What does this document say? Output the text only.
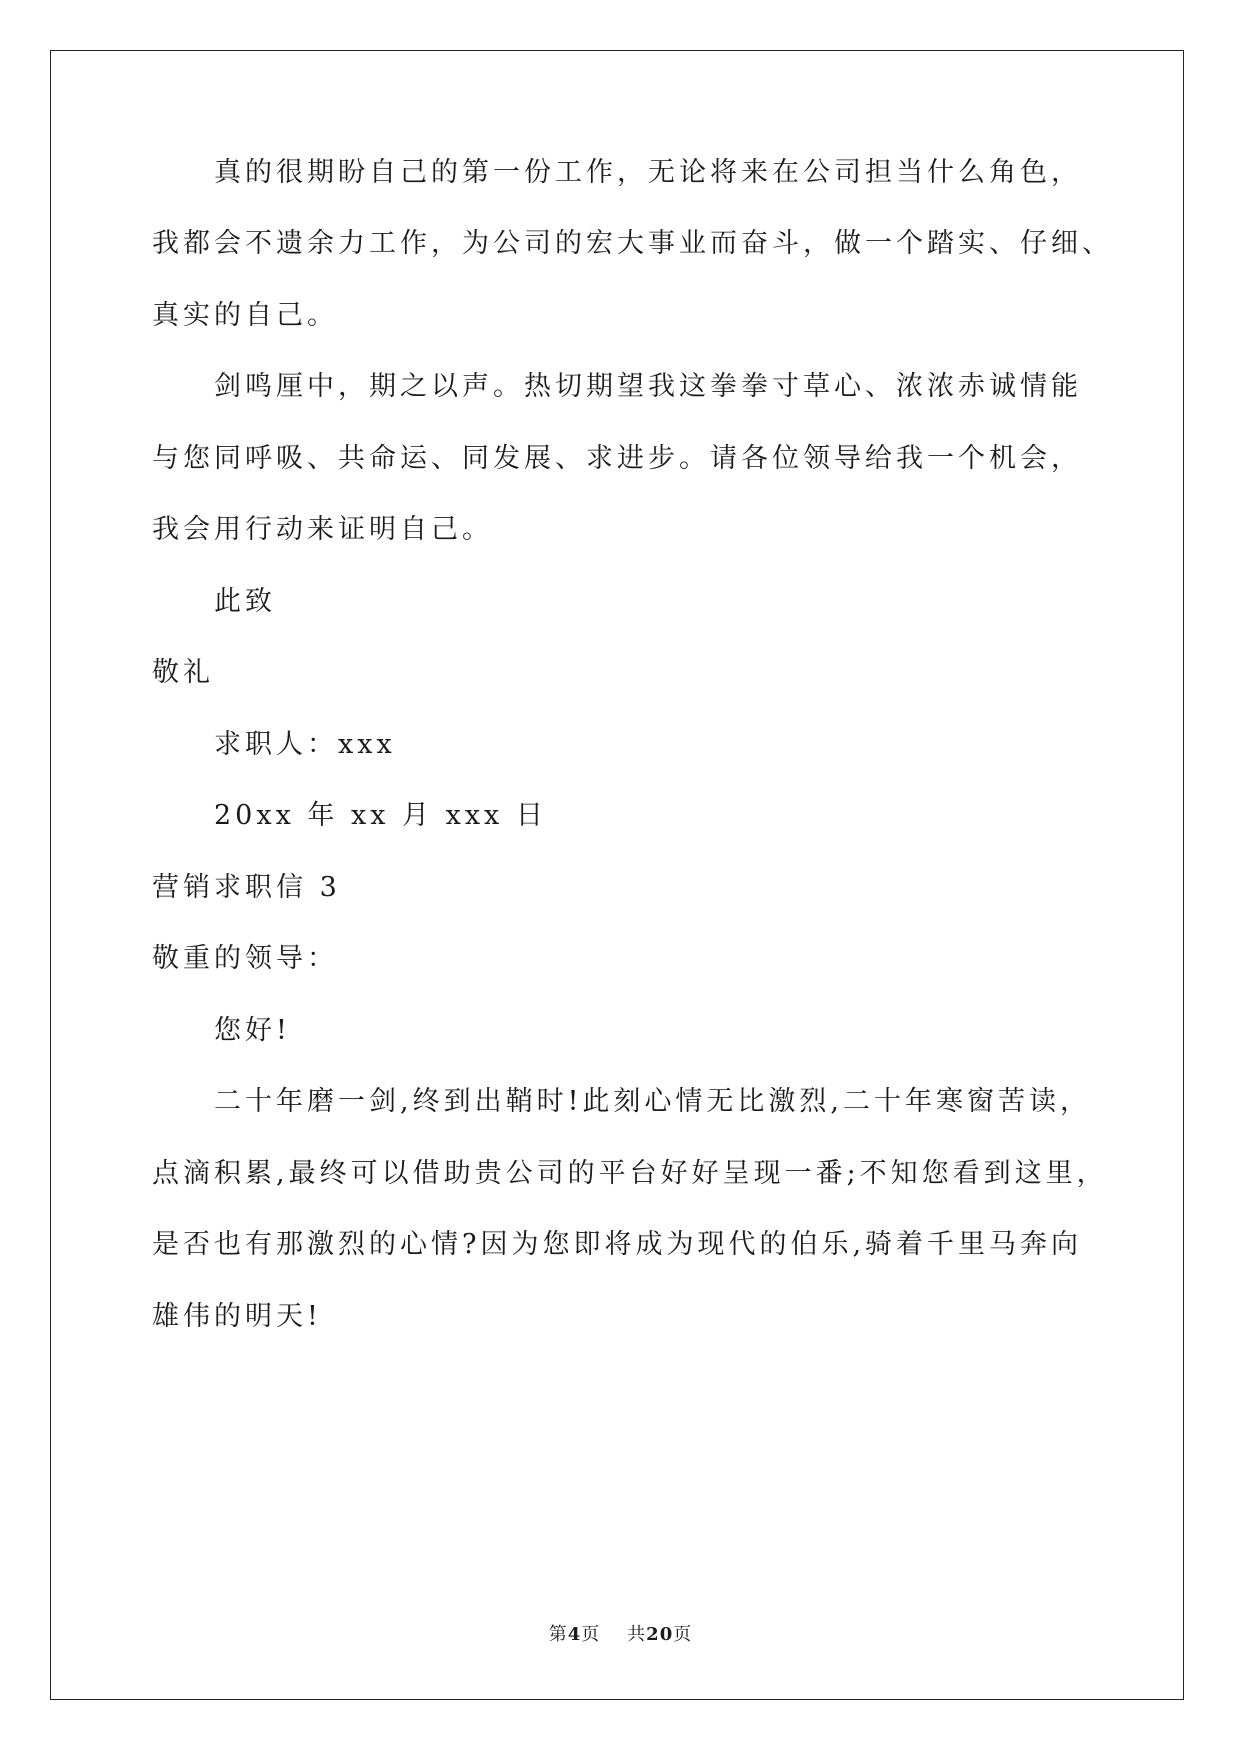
真的很期盼自己的第一份工作，无论将来在公司担当什么角色，
我都会不遗余力工作，为公司的宏大事业而奋斗，做一个踏实、仔细、
真实的自己。
剑鸣厘中，期之以声。热切期望我这拳拳寸草心、浓浓赤诚情能
与您同呼吸、共命运、同发展、求进步。请各位领导给我一个机会，
我会用行动来证明自己。
此致
敬礼
求职人：xxx
20xx 年 xx 月 xxx 日
营销求职信 3
敬重的领导：
您好!
二十年磨一剑,终到出鞘时!此刻心情无比激烈,二十年寒窗苦读，
点滴积累,最终可以借助贵公司的平台好好呈现一番;不知您看到这里，
是否也有那激烈的心情?因为您即将成为现代的伯乐,骑着千里马奔向
雄伟的明天!
第4页 共20页
